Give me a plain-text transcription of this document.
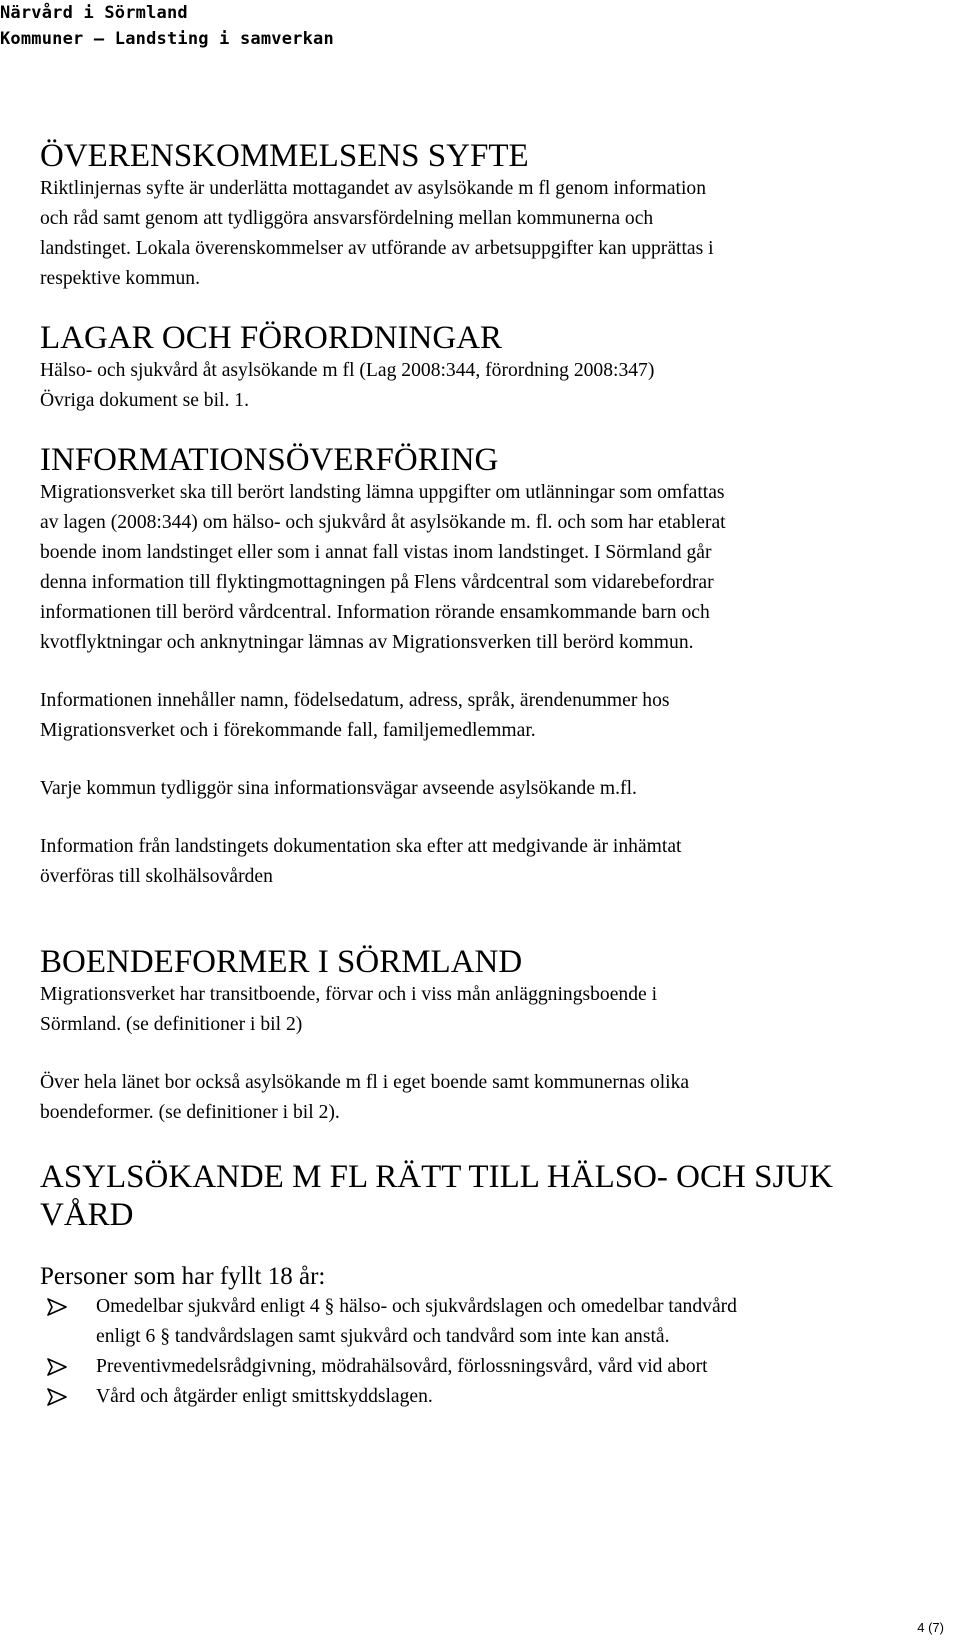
Närvård i Sörmland
Kommuner – Landsting i samverkan
ÖVERENSKOMMELSENS SYFTE
Riktlinjernas syfte är underlätta mottagandet av asylsökande m fl genom information
och råd samt genom att tydliggöra ansvarsfördelning mellan kommunerna och
landstinget. Lokala överenskommelser av utförande av arbetsuppgifter kan upprättas i
respektive kommun.
LAGAR OCH FÖRORDNINGAR
Hälso- och sjukvård åt asylsökande m fl (Lag 2008:344, förordning 2008:347)
Övriga dokument se bil. 1.
INFORMATIONSÖVERFÖRING
Migrationsverket ska till berört landsting lämna uppgifter om utlänningar som omfattas
av lagen (2008:344) om hälso- och sjukvård åt asylsökande m. fl. och som har etablerat
boende inom landstinget eller som i annat fall vistas inom landstinget. I Sörmland går
denna information till flyktingmottagningen på Flens vårdcentral som vidarebefordrar
informationen till berörd vårdcentral. Information rörande ensamkommande barn och
kvotflyktningar och anknytningar lämnas av Migrationsverken till berörd kommun.
Informationen innehåller namn, födelsedatum, adress, språk, ärendenummer hos
Migrationsverket och i förekommande fall, familjemedlemmar.
Varje kommun tydliggör sina informationsvägar avseende asylsökande m.fl.
Information från landstingets dokumentation ska efter att medgivande är inhämtat
överföras till skolhälsovården
BOENDEFORMER I SÖRMLAND
Migrationsverket har transitboende, förvar och i viss mån anläggningsboende i
Sörmland. (se definitioner i bil 2)
Över hela länet bor också asylsökande m fl i eget boende samt kommunernas olika
boendeformer. (se definitioner i bil 2).
ASYLSÖKANDE M FL RÄTT TILL HÄLSO- OCH SJUK
VÅRD
Personer som har fyllt 18 år:
Omedelbar sjukvård enligt 4 § hälso- och sjukvårdslagen och omedelbar tandvård
enligt 6 § tandvårdslagen samt sjukvård och tandvård som inte kan anstå.
Preventivmedelsrådgivning, mödrahälsovård, förlossningsvård, vård vid abort
Vård och åtgärder enligt smittskyddslagen.
4 (7)
